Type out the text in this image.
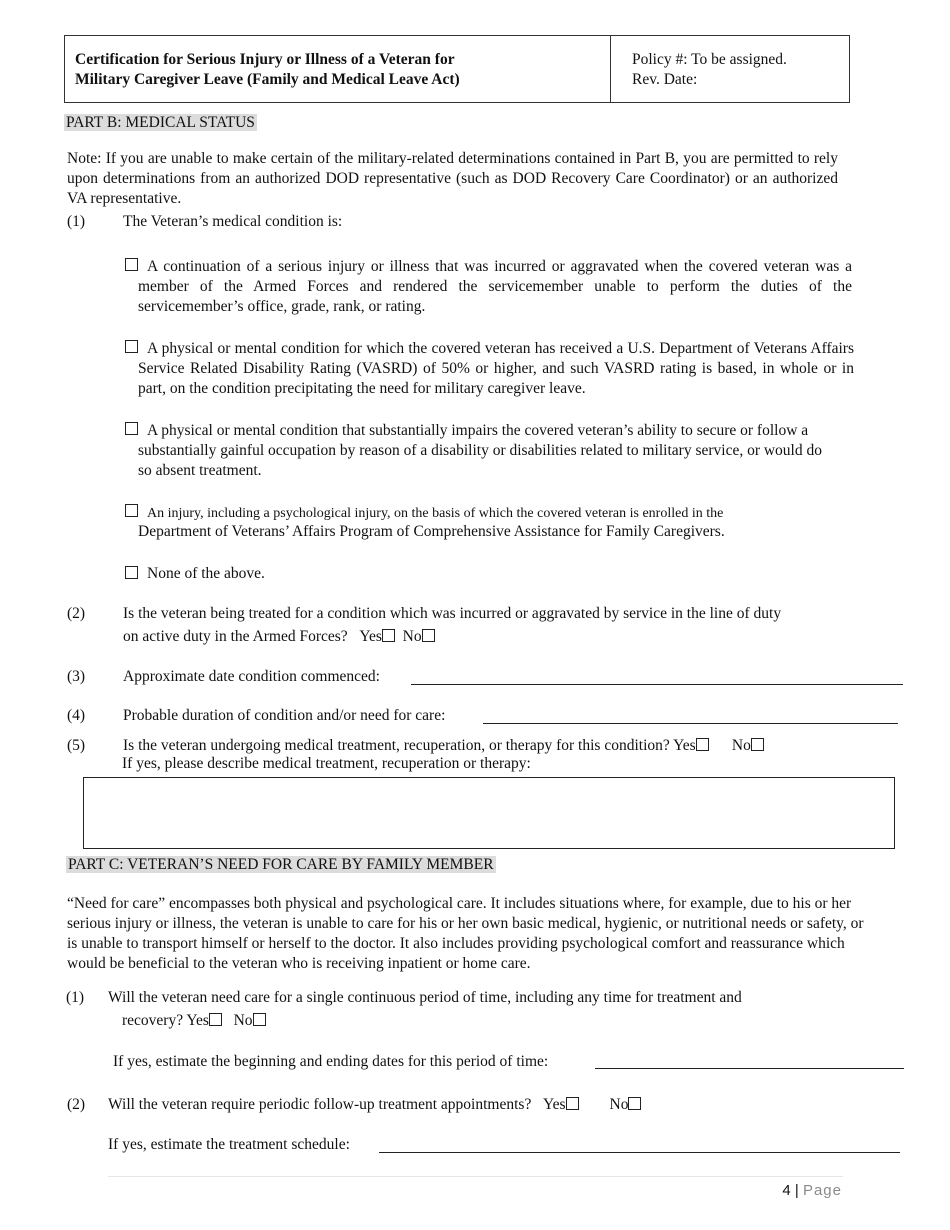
Certification for Serious Injury or Illness of a Veteran for
Military Caregiver Leave (Family and Medical Leave Act)
Policy #: To be assigned.
Rev. Date:
PART B: MEDICAL STATUS
Note: If you are unable to make certain of the military-related determinations contained in Part B, you are permitted to rely upon determinations from an authorized DOD representative (such as DOD Recovery Care Coordinator) or an authorized VA representative.
(1) The Veteran’s medical condition is:
A continuation of a serious injury or illness that was incurred or aggravated when the covered veteran was a member of the Armed Forces and rendered the servicemember unable to perform the duties of the servicemember’s office, grade, rank, or rating.
A physical or mental condition for which the covered veteran has received a U.S. Department of Veterans Affairs Service Related Disability Rating (VASRD) of 50% or higher, and such VASRD rating is based, in whole or in part, on the condition precipitating the need for military caregiver leave.
A physical or mental condition that substantially impairs the covered veteran’s ability to secure or follow a substantially gainful occupation by reason of a disability or disabilities related to military service, or would do so absent treatment.
An injury, including a psychological injury, on the basis of which the covered veteran is enrolled in the
Department of Veterans’ Affairs Program of Comprehensive Assistance for Family Caregivers.
None of the above.
(2) Is the veteran being treated for a condition which was incurred or aggravated by service in the line of duty
on active duty in the Armed Forces? Yes No
(3) Approximate date condition commenced:
(4) Probable duration of condition and/or need for care:
(5) Is the veteran undergoing medical treatment, recuperation, or therapy for this condition? Yes No
If yes, please describe medical treatment, recuperation or therapy:
PART C: VETERAN’S NEED FOR CARE BY FAMILY MEMBER
“Need for care” encompasses both physical and psychological care. It includes situations where, for example, due to his or her serious injury or illness, the veteran is unable to care for his or her own basic medical, hygienic, or nutritional needs or safety, or is unable to transport himself or herself to the doctor. It also includes providing psychological comfort and reassurance which would be beneficial to the veteran who is receiving inpatient or home care.
(1) Will the veteran need care for a single continuous period of time, including any time for treatment and
recovery? Yes No
If yes, estimate the beginning and ending dates for this period of time:
(2) Will the veteran require periodic follow-up treatment appointments? Yes	No
If yes, estimate the treatment schedule:
4 | Page
